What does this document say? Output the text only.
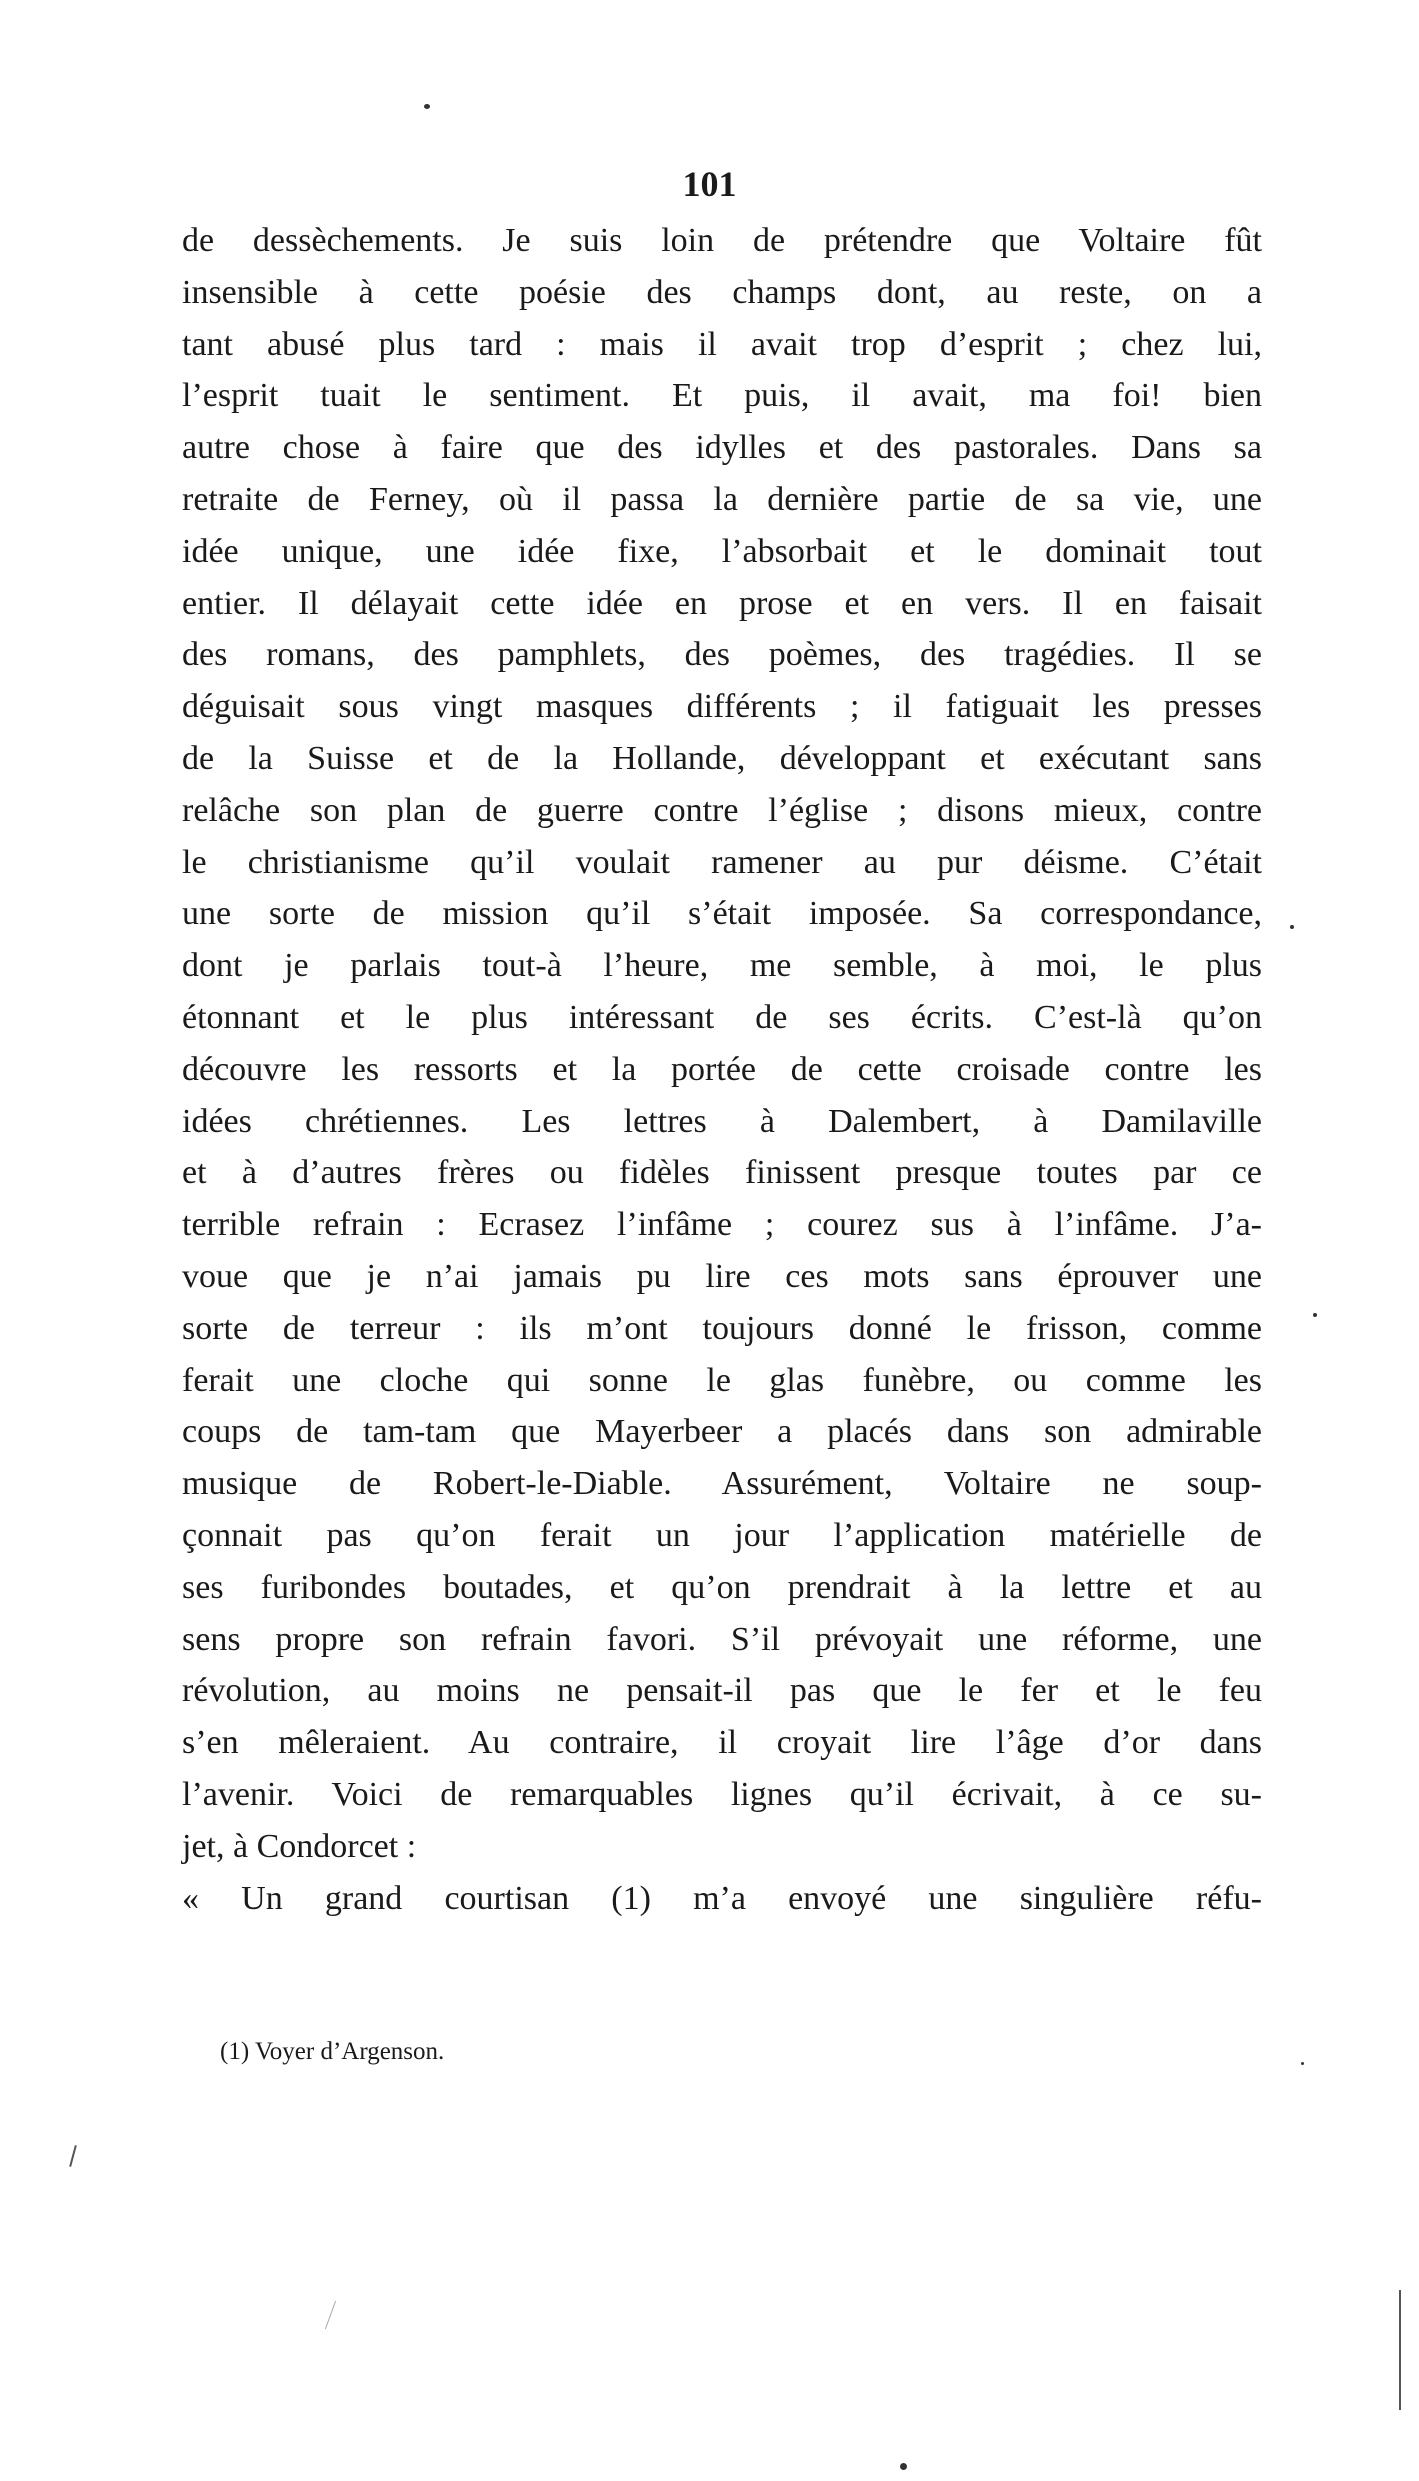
101
de dessèchements. Je suis loin de prétendre que Voltaire fût
insensible à cette poésie des champs dont, au reste, on a
tant abusé plus tard : mais il avait trop d’esprit ; chez lui,
l’esprit tuait le sentiment. Et puis, il avait, ma foi! bien
autre chose à faire que des idylles et des pastorales. Dans sa
retraite de Ferney, où il passa la dernière partie de sa vie, une
idée unique, une idée fixe, l’absorbait et le dominait tout
entier. Il délayait cette idée en prose et en vers. Il en faisait
des romans, des pamphlets, des poèmes, des tragédies. Il se
déguisait sous vingt masques différents ; il fatiguait les presses
de la Suisse et de la Hollande, développant et exécutant sans
relâche son plan de guerre contre l’église ; disons mieux, contre
le christianisme qu’il voulait ramener au pur déisme. C’était
une sorte de mission qu’il s’était imposée. Sa correspondance,
dont je parlais tout-à l’heure, me semble, à moi, le plus
étonnant et le plus intéressant de ses écrits. C’est-là qu’on
découvre les ressorts et la portée de cette croisade contre les
idées chrétiennes. Les lettres à Dalembert, à Damilaville
et à d’autres frères ou fidèles finissent presque toutes par ce
terrible refrain : Ecrasez l’infâme ; courez sus à l’infâme. J’a-
voue que je n’ai jamais pu lire ces mots sans éprouver une
sorte de terreur : ils m’ont toujours donné le frisson, comme
ferait une cloche qui sonne le glas funèbre, ou comme les
coups de tam-tam que Mayerbeer a placés dans son admirable
musique de Robert-le-Diable. Assurément, Voltaire ne soup-
çonnait pas qu’on ferait un jour l’application matérielle de
ses furibondes boutades, et qu’on prendrait à la lettre et au
sens propre son refrain favori. S’il prévoyait une réforme, une
révolution, au moins ne pensait-il pas que le fer et le feu
s’en mêleraient. Au contraire, il croyait lire l’âge d’or dans
l’avenir. Voici de remarquables lignes qu’il écrivait, à ce su-
jet, à Condorcet :
« Un grand courtisan (1) m’a envoyé une singulière réfu-
(1) Voyer d’Argenson.
